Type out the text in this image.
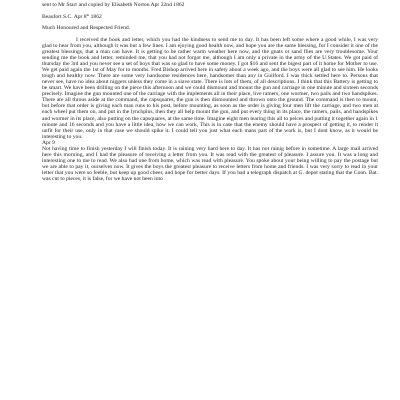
sent to Mr Starr and copied by Elisabeth Norton Apr 22nd 1862

Beaufort S.C. Apr 8th 1862

Much Honoured and Respected Friend.

I received the book and letter, which you had the kindness to send me to day. It has been left some where a good while, I was very glad to hear from you, although it was but a few lines. I am ejoying good health now, and hope you are the same blessing, for I consider it one of the greatest blessings, that a man can have. It is getting to be rather warm weather here now, and the gnats or sand flies are very troublesome. Your sending me the book and letter, reminded me, that you had not forgot me, although I am only a private in the army of the U.States. We got paid of thursday the 3rd and you never see a set of boys that was so glad to have some money. I got $16 and sent the bigest part of it home for Mother to use. We get paid again the 1st of May for to months. Fred Bishop arrived here in safety about a week ago, and the boys were all glad to see him. He looks tough and healthy now. There are some very handsome residences here, handsomer than any in Guilford. I was thick settled here to. Persons that never see, have no idea about niggers unless they come in a slave state. There is lots of them, of all descriptions. I think that this Battery is getting to be smart. We have been drilling on the piece this afternoon and we could dismount and mount the gun and carriage in one minute and sixteen seconds precisely. Imagine the gun mounted one of the carriage with the implements all in their place, live ramers, one wormer, two pails and two handspikes. There are all throus aside at the command, the capsquares, the gun is then dismounted and thrown onto the ground. The command is then to mount, but before that order is giving each man runs to his post, before mounting, as soon as the order is giving four men lift the carriage, and two men at each wheel put them on, and put in the lynchpins, then they all help mount the gun, and put every thing in its place, the ramers, pails, and handspikes and wormer in its place, also putting on the capsquares, at the same time. Imagine eight men tearing this all to peices and putting it together again in 1 minute and 16 seconds and you have a little idea, how we can work, This is in case that the enemy should have a prospect of getting it, to render it unfit for their use, only in that case we should spike it. I could tell you just what each mans part of the work is, but I dont know, as it would be interesting to you.

Apr 9

Not having time to finish yesterday I will finish today. It is raining very hard here to day. It has not rainig before in sometime. A large mail arrived here this morning, and I had the pleasure of receiving a letter from you. It was read with the greatest of pleasure. I assure you. It was a long and interesting one to me to read. We also had one from home, which was read with pleasure. You spoke about your being willing to pay the postage but we are able to pay it, ourselves now. It gives the boys the greatest pleasure to receive letters from home and friends. I was very sorry to read in your letter that you were so feeble, but keep up good cheer, and hope for better days. If you had a telegraph dispatch at G. depot stating that the Conn. Bat. was cut to pieces, it is false, for we have not been into
